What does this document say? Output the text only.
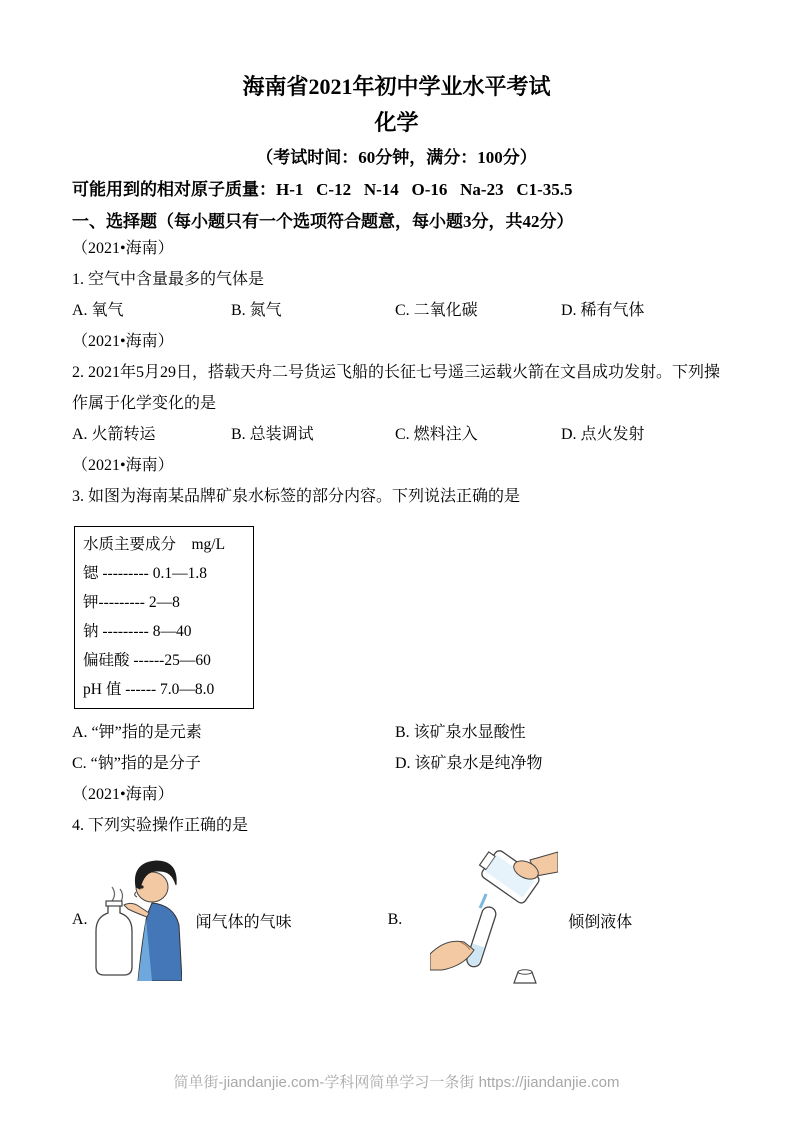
海南省2021年初中学业水平考试
化学
（考试时间：60分钟，满分：100分）
可能用到的相对原子质量：H-1   C-12   N-14   O-16   Na-23   C1-35.5
一、选择题（每小题只有一个选项符合题意，每小题3分，共42分）
（2021•海南）
1. 空气中含量最多的气体是
A. 氧气	B. 氮气	C. 二氧化碳	D. 稀有气体
（2021•海南）
2. 2021年5月29日，搭载天舟二号货运飞船的长征七号遥三运载火箭在文昌成功发射。下列操作属于化学变化的是
A. 火箭转运	B. 总装调试	C. 燃料注入	D. 点火发射
（2021•海南）
3. 如图为海南某品牌矿泉水标签的部分内容。下列说法正确的是
水质主要成分    mg/L
锶 --------- 0.1—1.8
钾--------- 2—8
钠 --------- 8—40
偏硅酸 ------25—60
pH 值 ------ 7.0—8.0
A. “钾”指的是元素	B. 该矿泉水显酸性
C. “钠”指的是分子	D. 该矿泉水是纯净物
（2021•海南）
4. 下列实验操作正确的是
A.	闻气体的气味	B.	倾倒液体
简单街-jiandanjie.com-学科网简单学习一条街 https://jiandanjie.com
